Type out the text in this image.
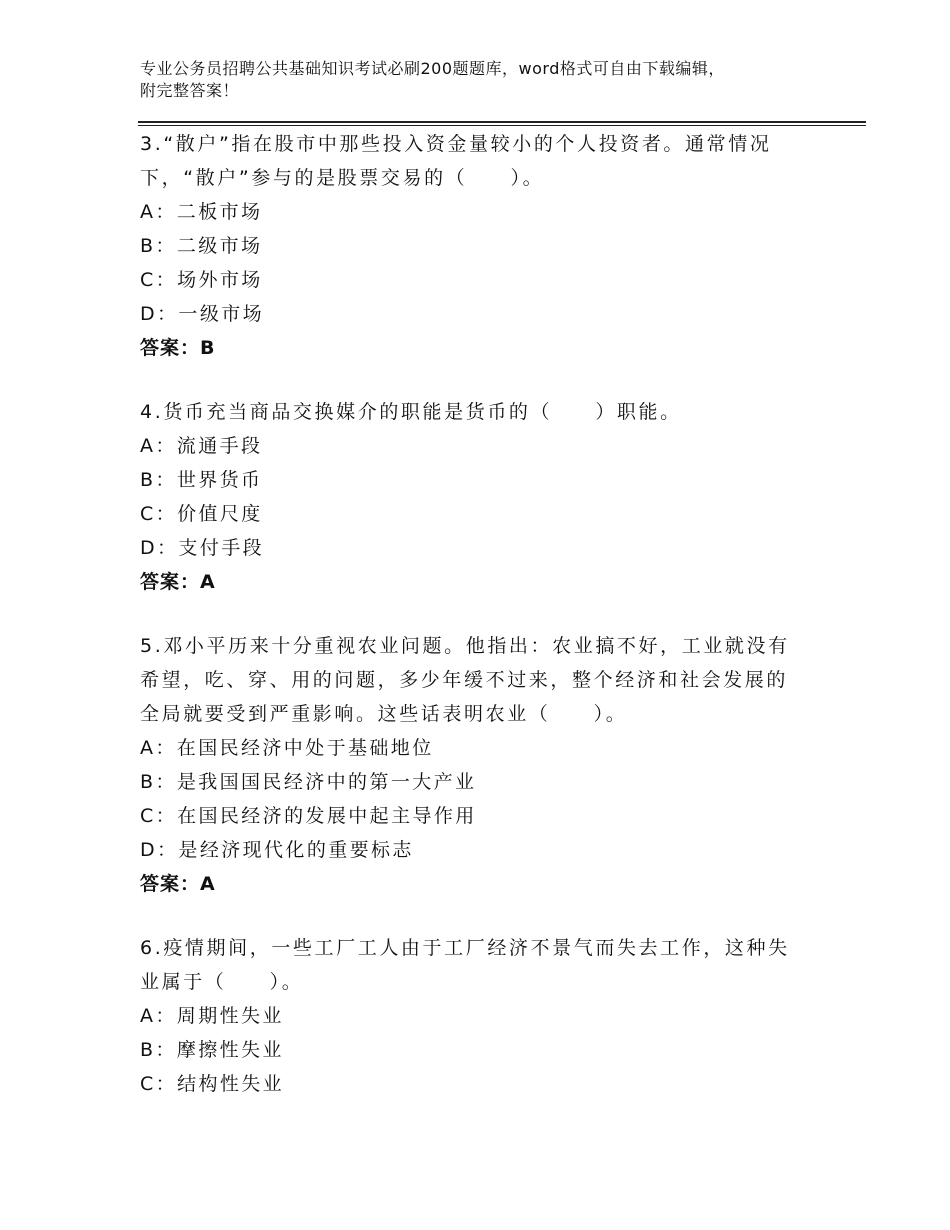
专业公务员招聘公共基础知识考试必刷200题题库，word格式可自由下载编辑，
附完整答案！
3.“散户”指在股市中那些投入资金量较小的个人投资者。通常情况
下，“散户”参与的是股票交易的（　　）。
A：二板市场
B：二级市场
C：场外市场
D：一级市场
答案：B
4.货币充当商品交换媒介的职能是货币的（　　）职能。
A：流通手段
B：世界货币
C：价值尺度
D：支付手段
答案：A
5.邓小平历来十分重视农业问题。他指出：农业搞不好，工业就没有
希望，吃、穿、用的问题，多少年缓不过来，整个经济和社会发展的
全局就要受到严重影响。这些话表明农业（　　）。
A：在国民经济中处于基础地位
B：是我国国民经济中的第一大产业
C：在国民经济的发展中起主导作用
D：是经济现代化的重要标志
答案：A
6.疫情期间，一些工厂工人由于工厂经济不景气而失去工作，这种失
业属于（　　）。
A：周期性失业
B：摩擦性失业
C：结构性失业
